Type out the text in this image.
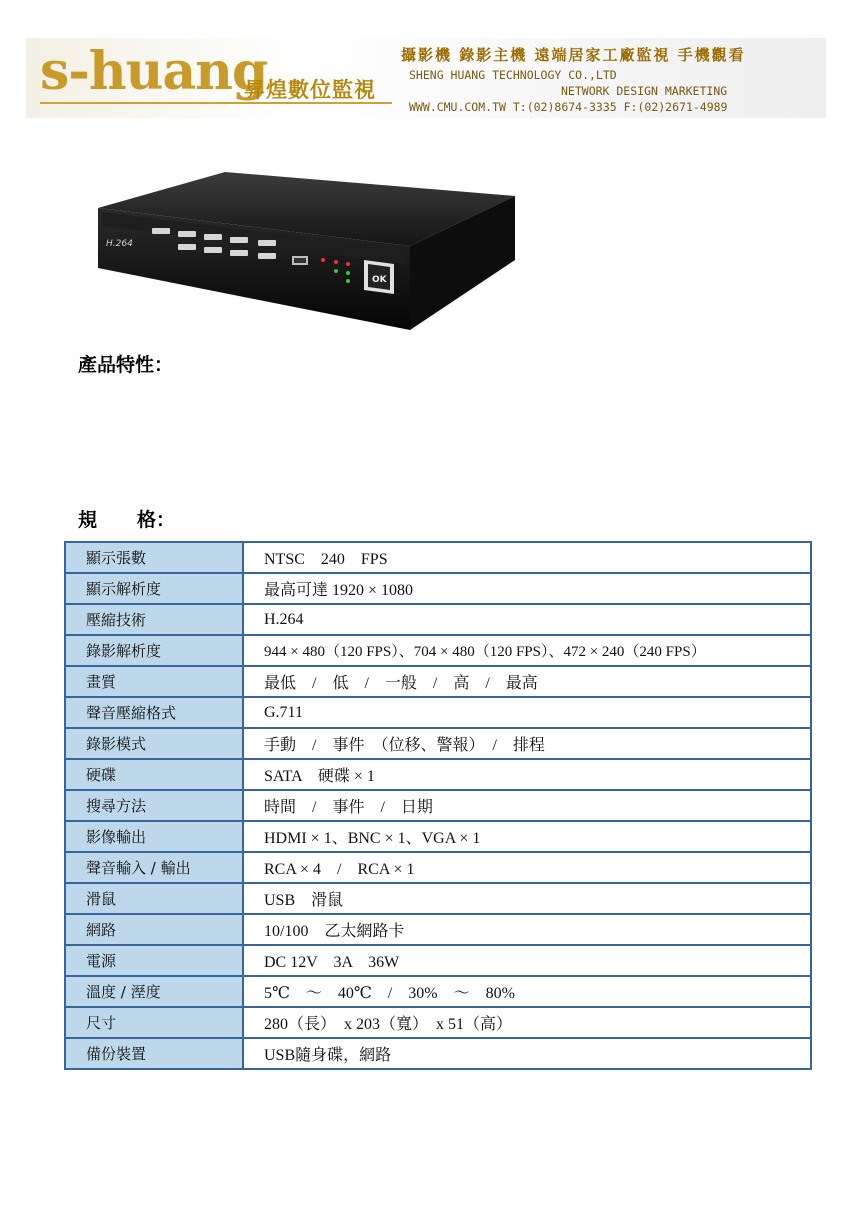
s-huang
昇煌數位監視
攝影機 錄影主機 遠端居家工廠監視 手機觀看
SHENG HUANG TECHNOLOGY CO.,LTD
NETWORK DESIGN MARKETING
WWW.CMU.COM.TW T:(02)8674-3335 F:(02)2671-4989
H.264
OK
產品特性：
規 格：
顯示張數	NTSC　240　FPS
顯示解析度	最高可達 1920 × 1080
壓縮技術	H.264
錄影解析度	944 × 480（120 FPS）、704 × 480（120 FPS）、472 × 240（240 FPS）
畫質	最低　/　低　/　一般　/　高　/　最高
聲音壓縮格式	G.711
錄影模式	手動　/　事件　（位移、警報）　/　排程
硬碟	SATA　硬碟 × 1
搜尋方法	時間　/　事件　/　日期
影像輸出	HDMI × 1、BNC × 1、VGA × 1
聲音輸入 / 輸出	RCA × 4　/　RCA × 1
滑鼠	USB　滑鼠
網路	10/100　乙太網路卡
電源	DC 12V　3A　36W
溫度 / 溼度	5℃　～　40℃　/　30%　～　80%
尺寸	280（長）　x 203（寬）　x 51（高）
備份裝置	USB隨身碟，網路
